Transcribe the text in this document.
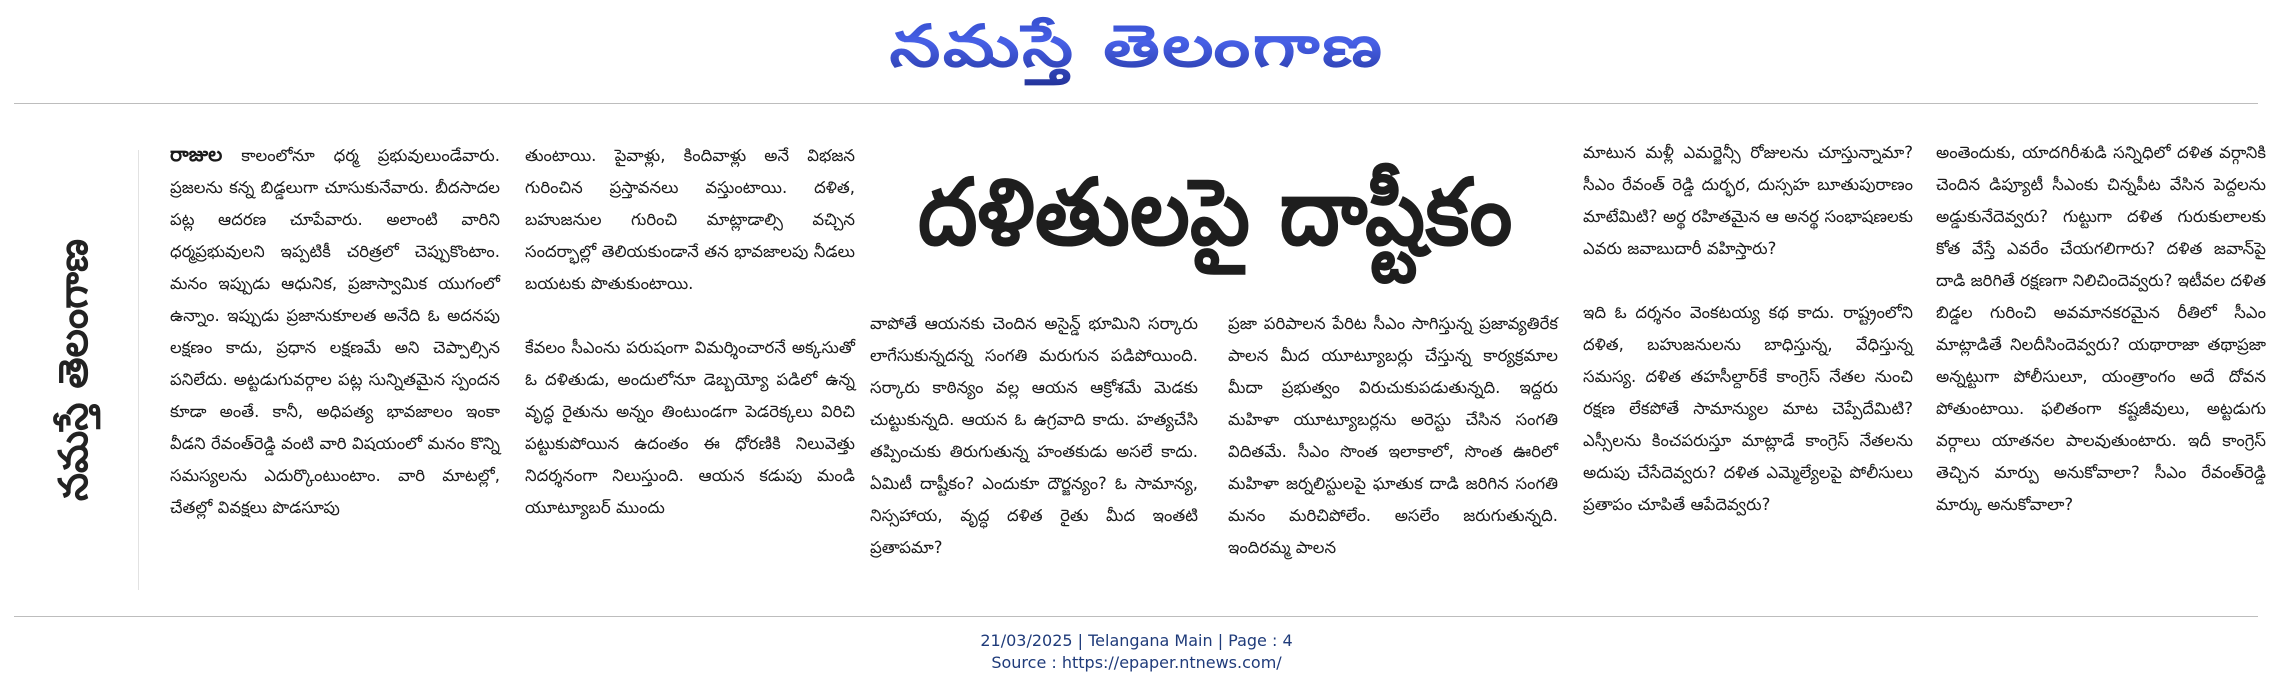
నమస్తే తెలంగాణ
నమస్తే తెలంగాణ

రాజుల కాలంలోనూ ధర్మ ప్రభువులుండేవారు. ప్రజలను కన్న బిడ్డలుగా చూసుకునేవారు. బీదసాదల పట్ల ఆదరణ చూపేవారు. అలాంటి వారిని ధర్మప్రభువులని ఇప్పటికీ చరిత్రలో చెప్పుకొంటాం. మనం ఇప్పుడు ఆధునిక, ప్రజాస్వామిక యుగంలో ఉన్నాం. ఇప్పుడు ప్రజానుకూలత అనేది ఓ అదనపు లక్షణం కాదు, ప్రధాన లక్షణమే అని చెప్పాల్సిన పనిలేదు. అట్టడుగువర్గాల పట్ల సున్నితమైన స్పందన కూడా అంతే. కానీ, అధిపత్య భావజాలం ఇంకా వీడని రేవంత్‌రెడ్డి వంటి వారి విషయంలో మనం కొన్ని సమస్యలను ఎదుర్కొంటుంటాం. వారి మాటల్లో, చేతల్లో వివక్షలు పొడసూపు

తుంటాయి. పైవాళ్లు, కిందివాళ్లు అనే విభజన గురించిన ప్రస్తావనలు వస్తుంటాయి. దళిత, బహుజనుల గురించి మాట్లాడాల్సి వచ్చిన సందర్భాల్లో తెలియకుండానే తన భావజాలపు నీడలు బయటకు పొతుకుంటాయి.

కేవలం సీఎంను పరుషంగా విమర్శించారనే అక్కసుతో ఓ దళితుడు, అందులోనూ డెబ్బయ్యో పడిలో ఉన్న వృద్ధ రైతును అన్నం తింటుండగా పెడరెక్కలు విరిచి పట్టుకుపోయిన ఉదంతం ఈ ధోరణికి నిలువెత్తు నిదర్శనంగా నిలుస్తుంది. ఆయన కడుపు మండి యూట్యూబర్ ముందు

దళితులపై దాష్టీకం

వాపోతే ఆయనకు చెందిన అసైన్డ్ భూమిని సర్కారు లాగేసుకున్నదన్న సంగతి మరుగున పడిపోయింది. సర్కారు కాఠిన్యం వల్ల ఆయన ఆక్రోశమే మెడకు చుట్టుకున్నది. ఆయన ఓ ఉగ్రవాది కాదు. హత్యచేసి తప్పించుకు తిరుగుతున్న హంతకుడు అసలే కాదు. ఏమిటీ దాష్టీకం? ఎందుకూ దౌర్జన్యం? ఓ సామాన్య, నిస్సహాయ, వృద్ధ దళిత రైతు మీద ఇంతటి ప్రతాపమా?

ప్రజా పరిపాలన పేరిట సీఎం సాగిస్తున్న ప్రజావ్యతిరేక పాలన మీద యూట్యూబర్లు చేస్తున్న కార్యక్రమాల మీదా ప్రభుత్వం విరుచుకుపడుతున్నది. ఇద్దరు మహిళా యూట్యూబర్లను అరెస్టు చేసిన సంగతి విదితమే. సీఎం సొంత ఇలాకాలో, సొంత ఊరిలో మహిళా జర్నలిస్టులపై ఘాతుక దాడి జరిగిన సంగతి మనం మరిచిపోలేం. అసలేం జరుగుతున్నది. ఇందిరమ్మ పాలన

మాటున మళ్లీ ఎమర్జెన్సీ రోజులను చూస్తున్నామా? సీఎం రేవంత్ రెడ్డి దుర్భర, దుస్సహ బూతుపురాణం మాటేమిటి? అర్థ రహితమైన ఆ అనర్థ సంభాషణలకు ఎవరు జవాబుదారీ వహిస్తారు?

ఇది ఓ దర్శనం వెంకటయ్య కథ కాదు. రాష్ట్రంలోని దళిత, బహుజనులను బాధిస్తున్న, వేధిస్తున్న సమస్య. దళిత తహసీల్దార్‌కే కాంగ్రెస్ నేతల నుంచి రక్షణ లేకపోతే సామాన్యుల మాట చెప్పేదేమిటి? ఎస్సీలను కించపరుస్తూ మాట్లాడే కాంగ్రెస్ నేతలను అదుపు చేసేదెవ్వరు? దళిత ఎమ్మెల్యేలపై పోలీసులు ప్రతాపం చూపితే ఆపేదెవ్వరు?

అంతెందుకు, యాదగిరీశుడి సన్నిధిలో దళిత వర్గానికి చెందిన డిప్యూటీ సీఎంకు చిన్నపీట వేసిన పెద్దలను అడ్డుకునేదెవ్వరు? గుట్టుగా దళిత గురుకులాలకు కోత వేస్తే ఎవరేం చేయగలిగారు? దళిత జవాన్‌పై దాడి జరిగితే రక్షణగా నిలిచిందెవ్వరు? ఇటీవల దళిత బిడ్డల గురించి అవమానకరమైన రీతిలో సీఎం మాట్లాడితే నిలదీసిందెవ్వరు? యథారాజా తథాప్రజా అన్నట్టుగా పోలీసులూ, యంత్రాంగం అదే దోవన పోతుంటాయి. ఫలితంగా కష్టజీవులు, అట్టడుగు వర్గాలు యాతనల పాలవుతుంటారు. ఇదీ కాంగ్రెస్ తెచ్చిన మార్పు అనుకోవాలా? సీఎం రేవంత్‌రెడ్డి మార్కు అనుకోవాలా?

21/03/2025 | Telangana Main | Page : 4
Source : https://epaper.ntnews.com/
